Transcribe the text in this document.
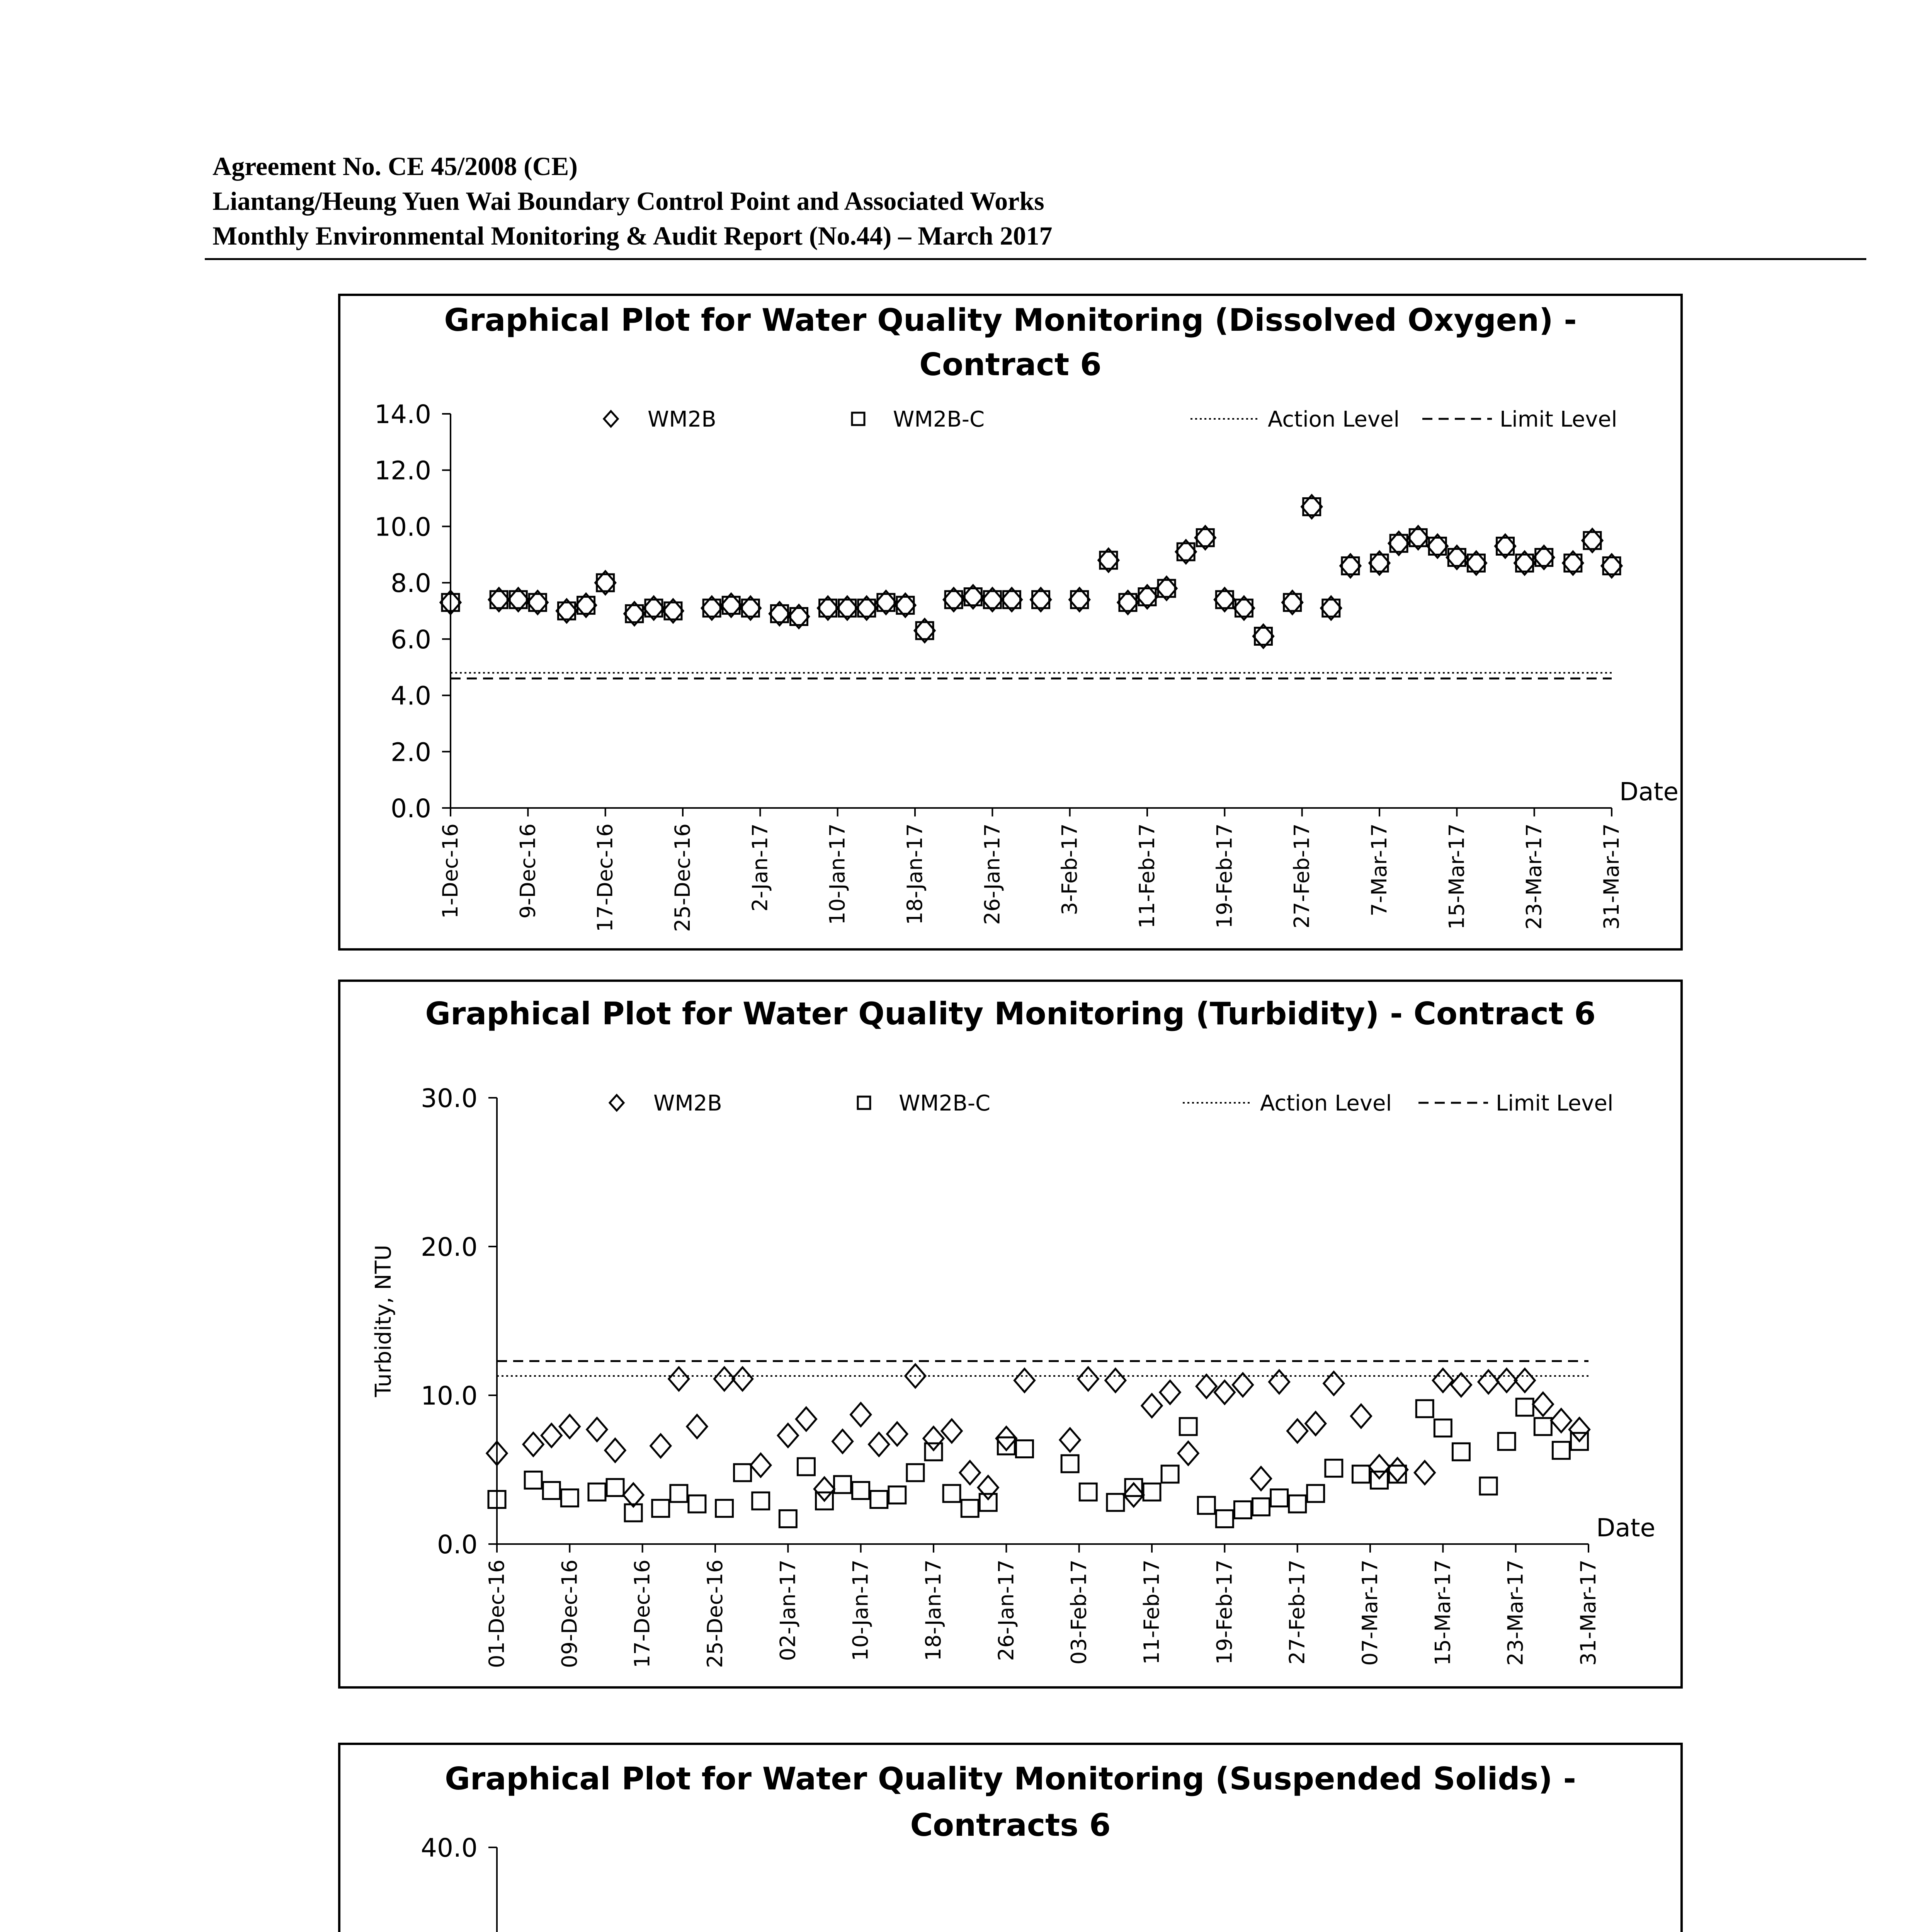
Agreement No. CE 45/2008 (CE)
Liantang/Heung Yuen Wai Boundary Control Point and Associated Works
Monthly Environmental Monitoring & Audit Report (No.44) – March 2017
Graphical Plot for Water Quality Monitoring (Dissolved Oxygen) -
Contract 6
0.0
2.0
4.0
6.0
8.0
10.0
12.0
14.0
1-Dec-16	9-Dec-16	17-Dec-16	25-Dec-16	2-Jan-17	10-Jan-17	18-Jan-17	26-Jan-17	3-Feb-17	11-Feb-17	19-Feb-17	27-Feb-17	7-Mar-17	15-Mar-17	23-Mar-17	31-Mar-17
Date
WM2B	WM2B-C	Action Level	Limit Level
Graphical Plot for Water Quality Monitoring (Turbidity) - Contract 6
0.0
10.0
20.0
30.0
Turbidity, NTU
01-Dec-16 09-Dec-16 17-Dec-16 25-Dec-16 02-Jan-17 10-Jan-17 18-Jan-17 26-Jan-17 03-Feb-17 11-Feb-17 19-Feb-17 27-Feb-17 07-Mar-17 15-Mar-17 23-Mar-17 31-Mar-17
Date
WM2B	WM2B-C	Action Level	Limit Level
Graphical Plot for Water Quality Monitoring (Suspended Solids) -
Contracts 6
40.0
